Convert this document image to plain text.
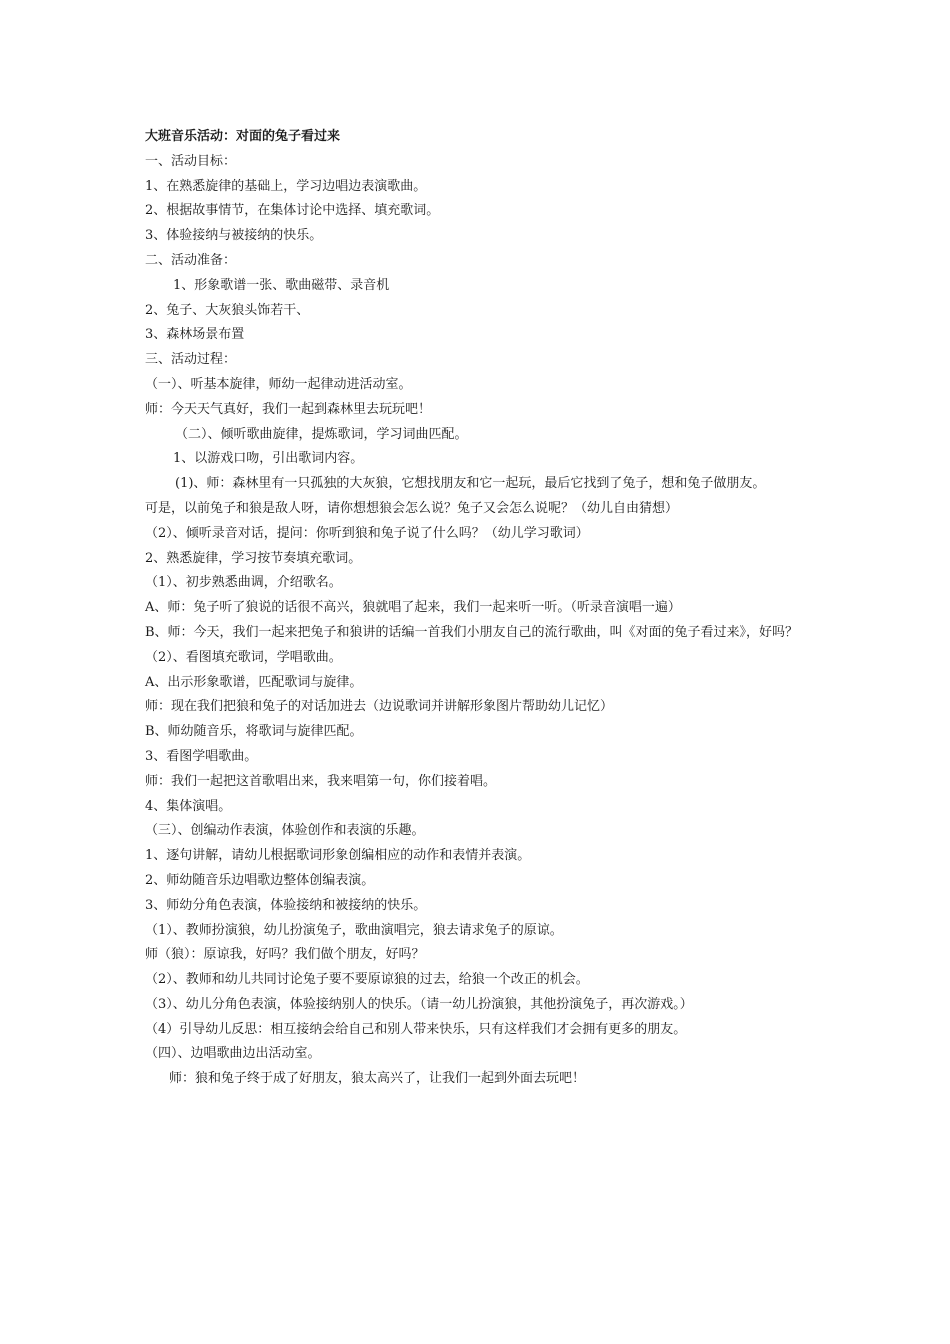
大班音乐活动：对面的兔子看过来

一、活动目标：

1、在熟悉旋律的基础上，学习边唱边表演歌曲。

2、根据故事情节，在集体讨论中选择、填充歌词。

3、体验接纳与被接纳的快乐。

二、活动准备：

1、形象歌谱一张、歌曲磁带、录音机

2、兔子、大灰狼头饰若干、

3、森林场景布置

三、活动过程：

（一）、听基本旋律，师幼一起律动进活动室。

师：今天天气真好，我们一起到森林里去玩玩吧！

（二）、倾听歌曲旋律，提炼歌词，学习词曲匹配。

1、以游戏口吻，引出歌词内容。

(1)、师：森林里有一只孤独的大灰狼，它想找朋友和它一起玩，最后它找到了兔子，想和兔子做朋友。

可是，以前兔子和狼是敌人呀，请你想想狼会怎么说？兔子又会怎么说呢？（幼儿自由猜想）

（2）、倾听录音对话，提问：你听到狼和兔子说了什么吗？（幼儿学习歌词）

2、熟悉旋律，学习按节奏填充歌词。

（1）、初步熟悉曲调，介绍歌名。

A、师：兔子听了狼说的话很不高兴，狼就唱了起来，我们一起来听一听。（听录音演唱一遍）

B、师：今天，我们一起来把兔子和狼讲的话编一首我们小朋友自己的流行歌曲，叫《对面的兔子看过来》，好吗？

（2）、看图填充歌词，学唱歌曲。

A、出示形象歌谱，匹配歌词与旋律。

师：现在我们把狼和兔子的对话加进去（边说歌词并讲解形象图片帮助幼儿记忆）

B、师幼随音乐，将歌词与旋律匹配。

3、看图学唱歌曲。

师：我们一起把这首歌唱出来，我来唱第一句，你们接着唱。

4、集体演唱。

（三）、创编动作表演，体验创作和表演的乐趣。

1、逐句讲解，请幼儿根据歌词形象创编相应的动作和表情并表演。

2、师幼随音乐边唱歌边整体创编表演。

3、师幼分角色表演，体验接纳和被接纳的快乐。

（1）、教师扮演狼，幼儿扮演兔子，歌曲演唱完，狼去请求兔子的原谅。

师（狼）：原谅我，好吗？我们做个朋友，好吗？

（2）、教师和幼儿共同讨论兔子要不要原谅狼的过去，给狼一个改正的机会。

（3）、幼儿分角色表演，体验接纳别人的快乐。（请一幼儿扮演狼，其他扮演兔子，再次游戏。）

（4）引导幼儿反思：相互接纳会给自己和别人带来快乐，只有这样我们才会拥有更多的朋友。

（四）、边唱歌曲边出活动室。

师：狼和兔子终于成了好朋友，狼太高兴了，让我们一起到外面去玩吧！
